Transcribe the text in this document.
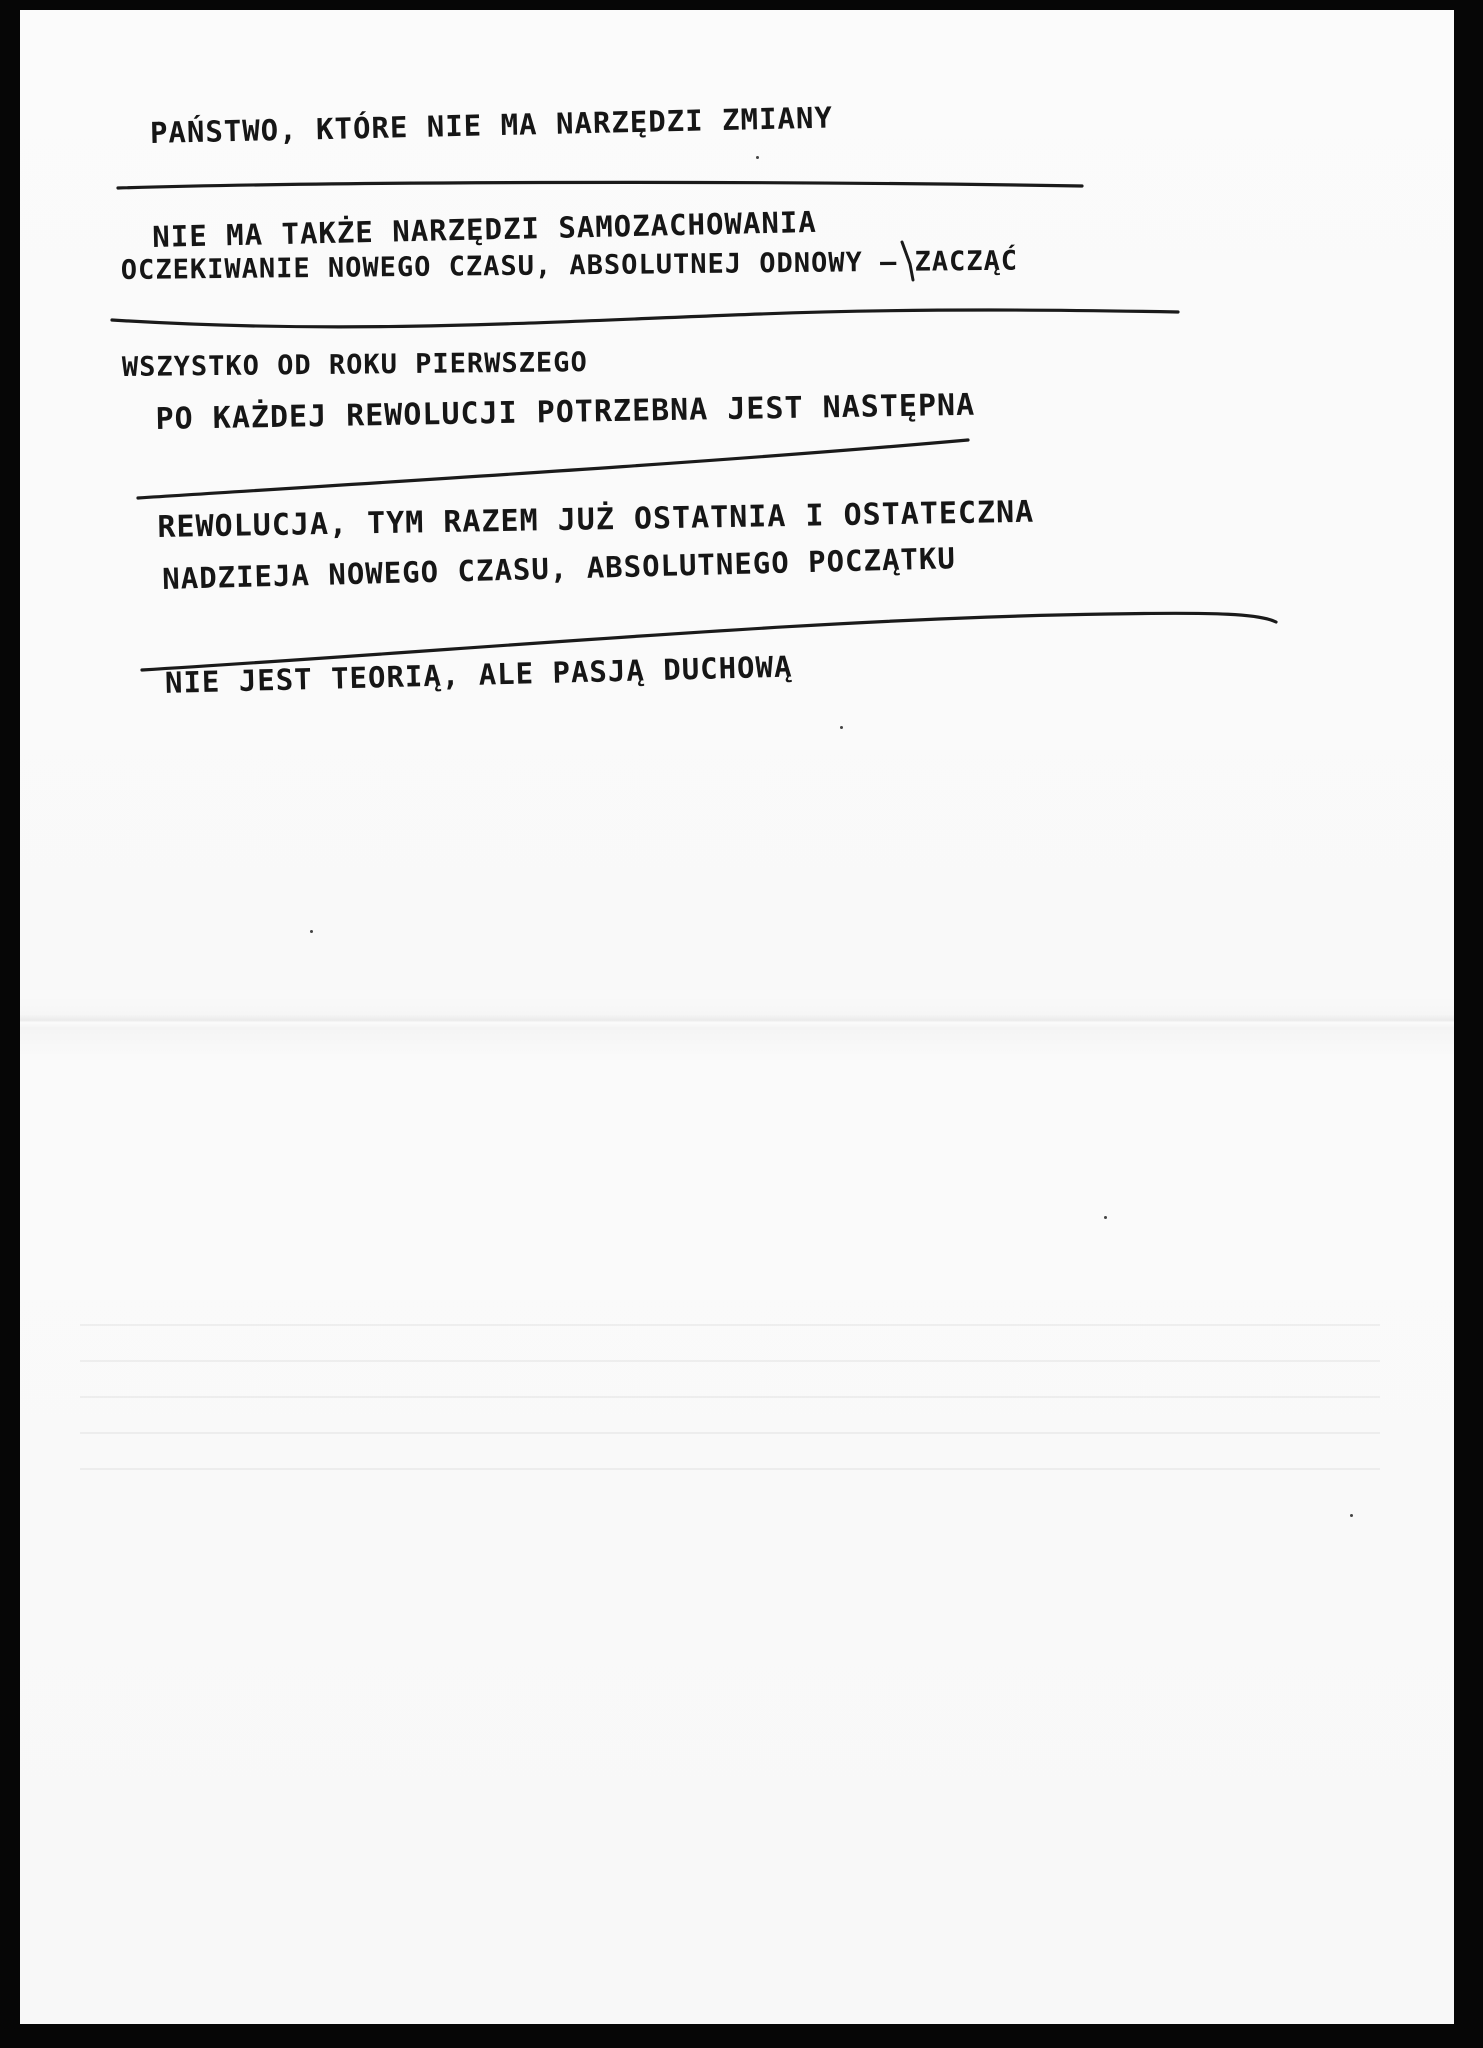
PAŃSTWO, KTÓRE NIE MA NARZĘDZI ZMIANY

NIE MA TAKŻE NARZĘDZI SAMOZACHOWANIA

OCZEKIWANIE NOWEGO CZASU, ABSOLUTNEJ ODNOWY – ZACZĄĆ

WSZYSTKO OD ROKU PIERWSZEGO

PO KAŻDEJ REWOLUCJI POTRZEBNA JEST NASTĘPNA

REWOLUCJA, TYM RAZEM JUŻ OSTATNIA I OSTATECZNA

NADZIEJA NOWEGO CZASU, ABSOLUTNEGO POCZĄTKU

NIE JEST TEORIĄ, ALE PASJĄ DUCHOWĄ
